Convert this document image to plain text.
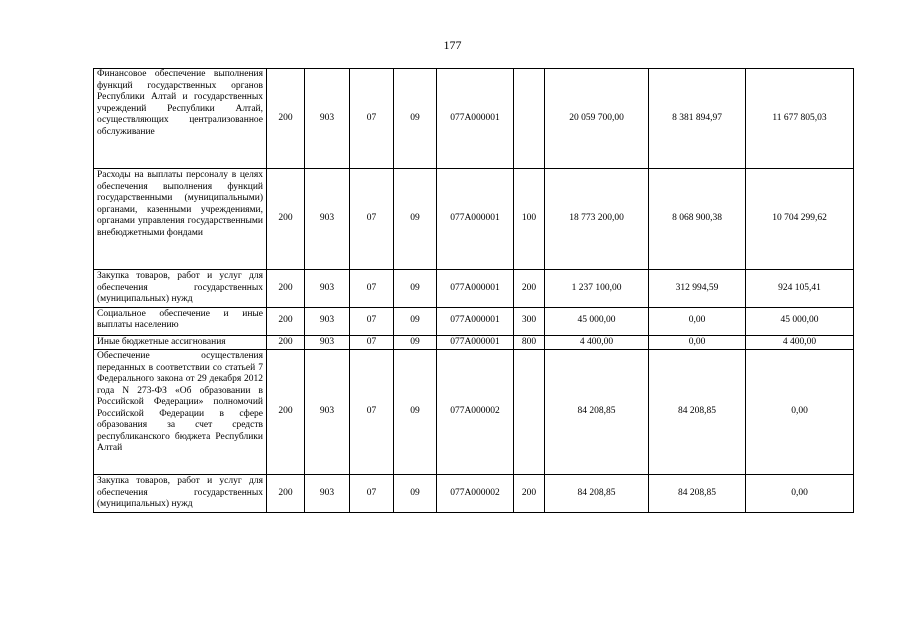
177
Финансовое обеспечение выполнения функций государственных органов Республики Алтай и государственных учреждений Республики Алтай, осуществляющих централизованное обслуживание	200	903	07	09	077A000001		20 059 700,00	8 381 894,97	11 677 805,03
Расходы на выплаты персоналу в целях обеспечения выполнения функций государственными (муниципальными) органами, казенными учреждениями, органами управления государственными внебюджетными фондами	200	903	07	09	077A000001	100	18 773 200,00	8 068 900,38	10 704 299,62
Закупка товаров, работ и услуг для обеспечения государственных (муниципальных) нужд	200	903	07	09	077A000001	200	1 237 100,00	312 994,59	924 105,41
Социальное обеспечение и иные выплаты населению	200	903	07	09	077A000001	300	45 000,00	0,00	45 000,00
Иные бюджетные ассигнования	200	903	07	09	077A000001	800	4 400,00	0,00	4 400,00
Обеспечение осуществления переданных в соответствии со статьей 7 Федерального закона от 29 декабря 2012 года N 273-ФЗ «Об образовании в Российской Федерации» полномочий Российской Федерации в сфере образования за счет средств республиканского бюджета Республики Алтай	200	903	07	09	077A000002		84 208,85	84 208,85	0,00
Закупка товаров, работ и услуг для обеспечения государственных (муниципальных) нужд	200	903	07	09	077A000002	200	84 208,85	84 208,85	0,00
